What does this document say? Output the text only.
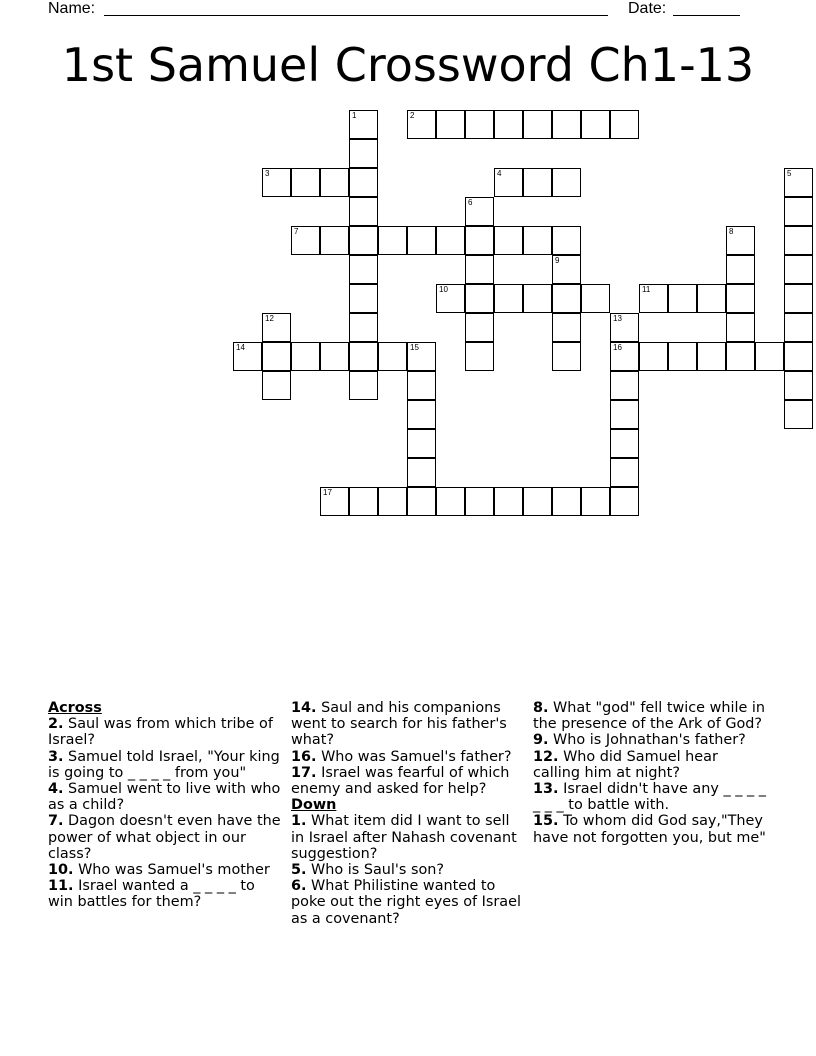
Name:	Date:
1st Samuel Crossword Ch1-13
2
3	4
7
10	11
14	15	16
17
1
5
6
8
9
12	13
Across
2. Saul was from which tribe of Israel?
3. Samuel told Israel, "Your king is going to _ _ _ _ from you"
4. Samuel went to live with who as a child?
7. Dagon doesn't even have the power of what object in our class?
10. Who was Samuel's mother
11. Israel wanted a _ _ _ _ to win battles for them?
14. Saul and his companions went to search for his father's what?
16. Who was Samuel's father?
17. Israel was fearful of which enemy and asked for help?
Down
1. What item did I want to sell in Israel after Nahash covenant suggestion?
5. Who is Saul's son?
6. What Philistine wanted to poke out the right eyes of Israel as a covenant?
8. What "god" fell twice while in the presence of the Ark of God?
9. Who is Johnathan's father?
12. Who did Samuel hear calling him at night?
13. Israel didn't have any _ _ _ _ _ _ _ to battle with.
15. To whom did God say,"They have not forgotten you, but me"
